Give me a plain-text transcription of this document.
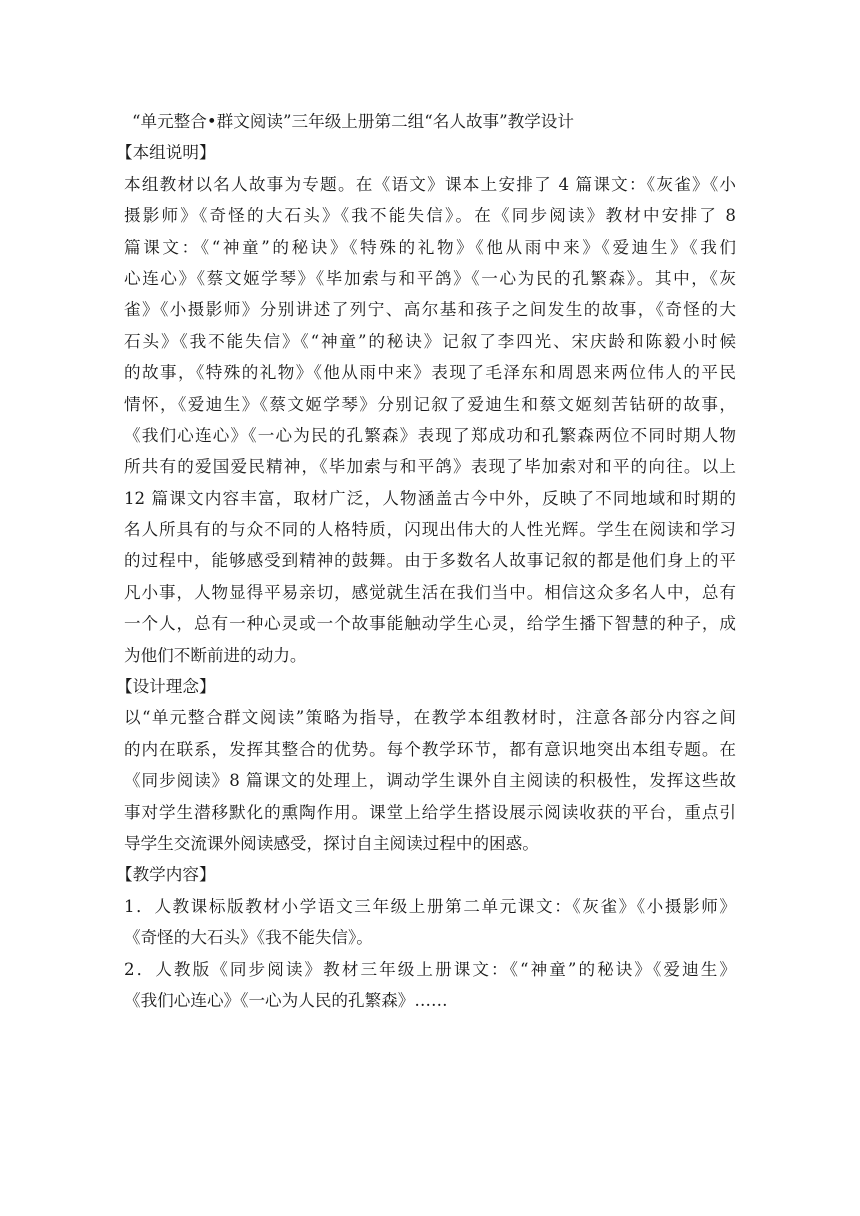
“单元整合•群文阅读”三年级上册第二组“名人故事”教学设计
【本组说明】
本组教材以名人故事为专题。在《语文》课本上安排了 4 篇课文：《灰雀》《小
摄影师》《奇怪的大石头》《我不能失信》。在《同步阅读》教材中安排了 8
篇课文：《“神童”的秘诀》《特殊的礼物》《他从雨中来》《爱迪生》《我们
心连心》《蔡文姬学琴》《毕加索与和平鸽》《一心为民的孔繁森》。其中，《灰
雀》《小摄影师》分别讲述了列宁、高尔基和孩子之间发生的故事，《奇怪的大
石头》《我不能失信》《“神童”的秘诀》记叙了李四光、宋庆龄和陈毅小时候
的故事，《特殊的礼物》《他从雨中来》表现了毛泽东和周恩来两位伟人的平民
情怀，《爱迪生》《蔡文姬学琴》分别记叙了爱迪生和蔡文姬刻苦钻研的故事，
《我们心连心》《一心为民的孔繁森》表现了郑成功和孔繁森两位不同时期人物
所共有的爱国爱民精神，《毕加索与和平鸽》表现了毕加索对和平的向往。以上
12 篇课文内容丰富，取材广泛，人物涵盖古今中外，反映了不同地域和时期的
名人所具有的与众不同的人格特质，闪现出伟大的人性光辉。学生在阅读和学习
的过程中，能够感受到精神的鼓舞。由于多数名人故事记叙的都是他们身上的平
凡小事，人物显得平易亲切，感觉就生活在我们当中。相信这众多名人中，总有
一个人，总有一种心灵或一个故事能触动学生心灵，给学生播下智慧的种子，成
为他们不断前进的动力。
【设计理念】
以“单元整合群文阅读”策略为指导，在教学本组教材时，注意各部分内容之间
的内在联系，发挥其整合的优势。每个教学环节，都有意识地突出本组专题。在
《同步阅读》8 篇课文的处理上，调动学生课外自主阅读的积极性，发挥这些故
事对学生潜移默化的熏陶作用。课堂上给学生搭设展示阅读收获的平台，重点引
导学生交流课外阅读感受，探讨自主阅读过程中的困惑。
【教学内容】
1．人教课标版教材小学语文三年级上册第二单元课文：《灰雀》《小摄影师》
《奇怪的大石头》《我不能失信》。
2．人教版《同步阅读》教材三年级上册课文：《“神童”的秘诀》《爱迪生》
《我们心连心》《一心为人民的孔繁森》……
